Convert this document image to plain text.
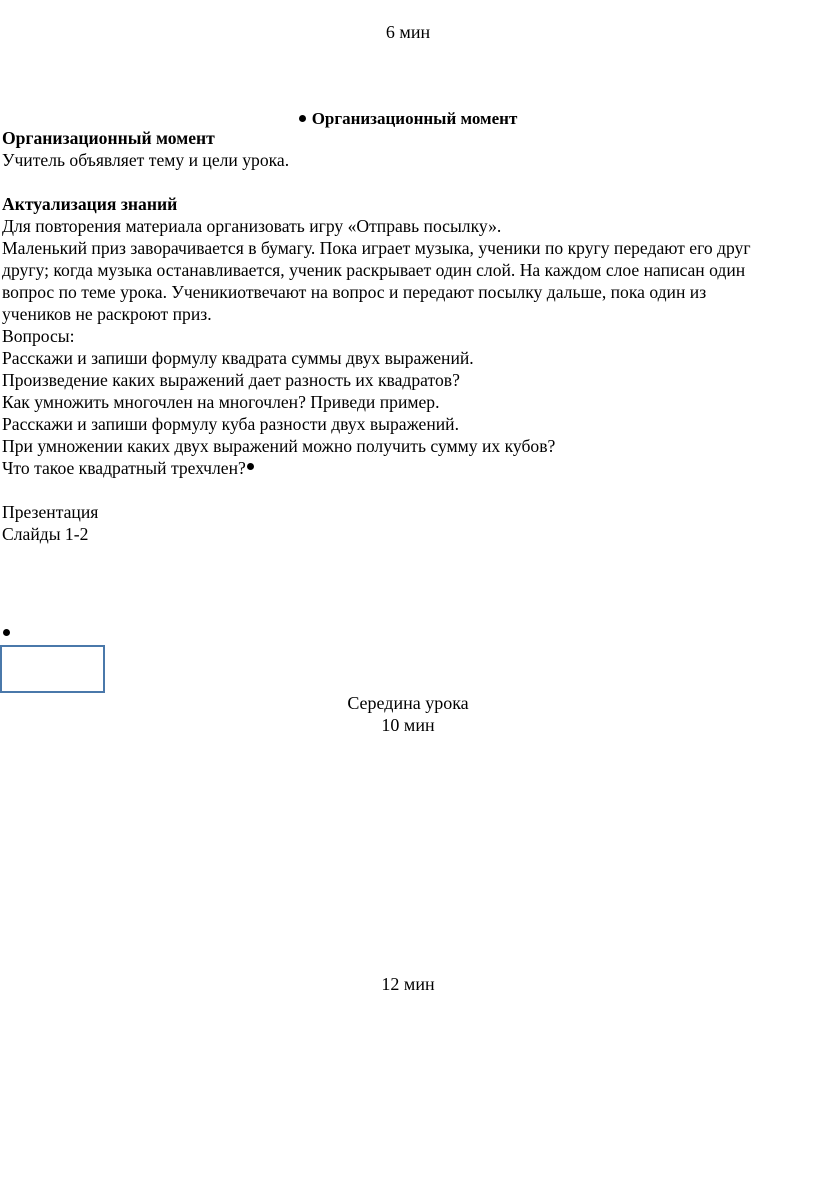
6 мин
Организационный момент
Организационный момент
Учитель объявляет тему и цели урока.
Актуализация знаний
Для повторения материала организовать игру «Отправь посылку».
Маленький приз заворачивается в бумагу. Пока играет музыка, ученики по кругу передают его друг
другу; когда музыка останавливается, ученик раскрывает один слой. На каждом слое написан один
вопрос по теме урока. Ученикиотвечают на вопрос и передают посылку дальше, пока один из
учеников не раскроют приз.
Вопросы:
Расскажи и запиши формулу квадрата суммы двух выражений.
Произведение каких выражений дает разность их квадратов?
Как умножить многочлен на многочлен? Приведи пример.
Расскажи и запиши формулу куба разности двух выражений.
При умножении каких двух выражений можно получить сумму их кубов?
Что такое квадратный трехчлен?
Презентация
Слайды 1-2
Середина урока
10 мин
12 мин
